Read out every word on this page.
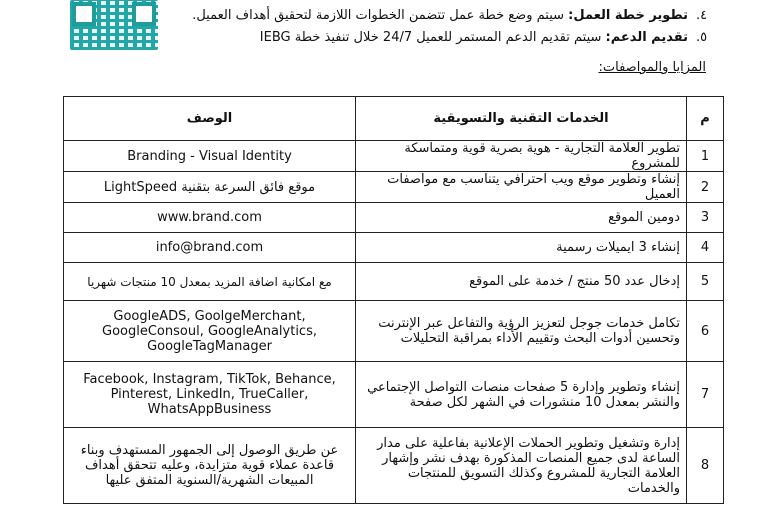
٤.تطوير خطة العمل: سيتم وضع خطة عمل تتضمن الخطوات اللازمة لتحقيق أهداف العميل.
٥.تقديم الدعم: سيتم تقديم الدعم المستمر للعميل 24/7 خلال تنفيذ خطة IEBG
المزايا والمواصفات:
م	الخدمات التقنية والتسويقية	الوصف
1	تطوير العلامة التجارية - هوية بصرية قوية ومتماسكة للمشروع	Branding - Visual Identity
2	إنشاء وتطوير موقع ويب احترافي يتناسب مع مواصفات العميل	موقع فائق السرعة بتقنية LightSpeed
3	دومين الموقع	www.brand.com
4	إنشاء 3 ايميلات رسمية	info@brand.com
5	إدخال عدد 50 منتج / خدمة على الموقع	مع امكانية اضافة المزيد بمعدل 10 منتجات شهريا
6	تكامل خدمات جوجل لتعزيز الرؤية والتفاعل عبر الإنترنت وتحسين أدوات البحث وتقييم الأداء بمراقبة التحليلات	GoogleADS, GoolgeMerchant, GoogleConsoul, GoogleAnalytics, GoogleTagManager
7	إنشاء وتطوير وإدارة 5 صفحات منصات التواصل الإجتماعي والنشر بمعدل 10 منشورات في الشهر لكل صفحة	Facebook, Instagram, TikTok, Behance, Pinterest, LinkedIn, TrueCaller, WhatsAppBusiness
8	إدارة وتشغيل وتطوير الحملات الإعلانية بفاعلية على مدار الساعة لدى جميع المنصات المذكورة بهدف نشر وإشهار العلامة التجارية للمشروع وكذلك التسويق للمنتجات والخدمات	عن طريق الوصول إلى الجمهور المستهدف وبناء قاعدة عملاء قوية متزايدة، وعليه تتحقق أهداف المبيعات الشهرية/السنوية المتفق عليها
